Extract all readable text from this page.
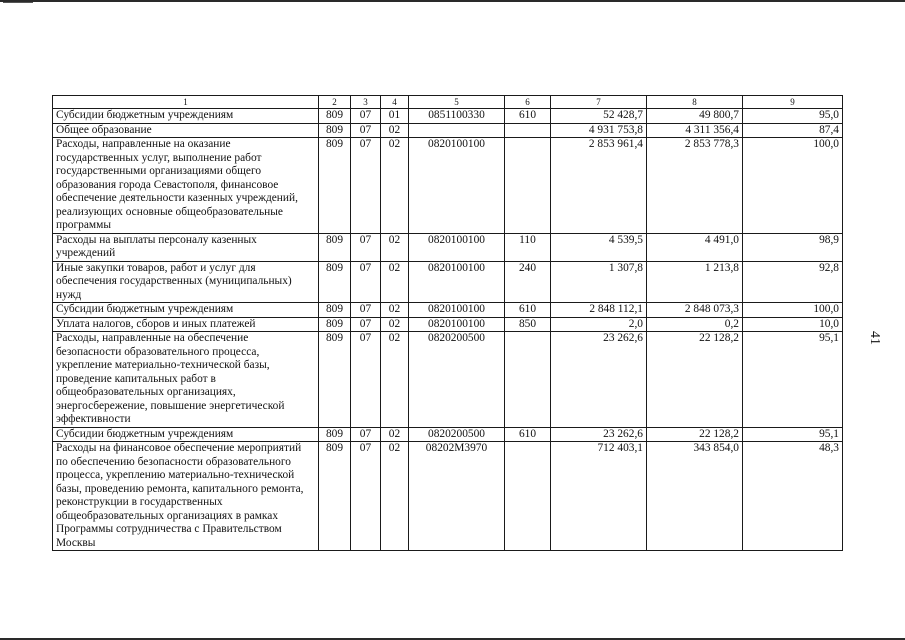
1	2	3	4	5	6	7	8	9
Субсидии бюджетным учреждениям	809	07	01	0851100330	610	52 428,7	49 800,7	95,0
Общее образование	809	07	02			4 931 753,8	4 311 356,4	87,4
Расходы, направленные на оказание государственных услуг, выполнение работ государственными организациями общего образования города Севастополя, финансовое обеспечение деятельности казенных учреждений, реализующих основные общеобразовательные программы	809	07	02	0820100100		2 853 961,4	2 853 778,3	100,0
Расходы на выплаты персоналу казенных учреждений	809	07	02	0820100100	110	4 539,5	4 491,0	98,9
Иные закупки товаров, работ и услуг для обеспечения государственных (муниципальных) нужд	809	07	02	0820100100	240	1 307,8	1 213,8	92,8
Субсидии бюджетным учреждениям	809	07	02	0820100100	610	2 848 112,1	2 848 073,3	100,0
Уплата налогов, сборов и иных платежей	809	07	02	0820100100	850	2,0	0,2	10,0
Расходы, направленные на обеспечение безопасности образовательного процесса, укрепление материально-технической базы, проведение капитальных работ в общеобразовательных организациях, энергосбережение, повышение энергетической эффективности	809	07	02	0820200500		23 262,6	22 128,2	95,1
Субсидии бюджетным учреждениям	809	07	02	0820200500	610	23 262,6	22 128,2	95,1
Расходы на финансовое обеспечение мероприятий по обеспечению безопасности образовательного процесса, укреплению материально-технической базы, проведению ремонта, капитального ремонта, реконструкции в государственных общеобразовательных организациях в рамках Программы сотрудничества с Правительством Москвы	809	07	02	08202М3970		712 403,1	343 854,0	48,3
41
